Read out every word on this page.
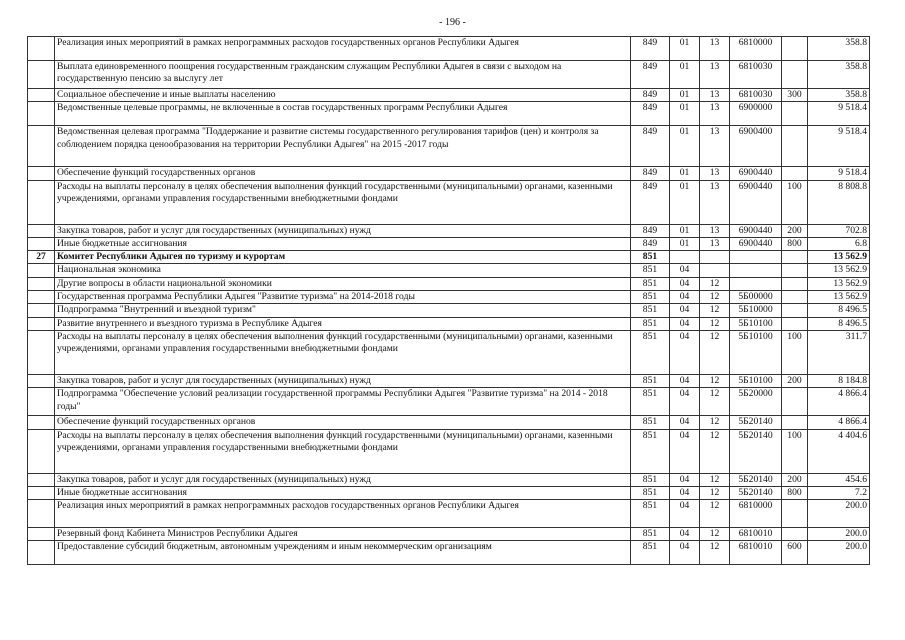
- 196 -
	Реализация иных мероприятий в рамках непрограммных расходов государственных органов Республики Адыгея	849	01	13	6810000		358.8
	Выплата единовременного поощрения государственным гражданским служащим Республики Адыгея в связи с выходом на государственную пенсию за выслугу лет	849	01	13	6810030		358.8
	Социальное обеспечение и иные выплаты населению	849	01	13	6810030	300	358.8
	Ведомственные целевые программы, не включенные в состав государственных программ Республики Адыгея	849	01	13	6900000		9 518.4
	Ведомственная целевая программа "Поддержание и развитие системы государственного регулирования тарифов (цен) и контроля за соблюдением порядка ценообразования на территории Республики Адыгея" на 2015 -2017 годы	849	01	13	6900400		9 518.4
	Обеспечение функций государственных органов	849	01	13	6900440		9 518.4
	Расходы на выплаты персоналу в целях обеспечения выполнения функций государственными (муниципальными) органами, казенными учреждениями, органами управления государственными внебюджетными фондами	849	01	13	6900440	100	8 808.8
	Закупка товаров, работ и услуг для государственных (муниципальных) нужд	849	01	13	6900440	200	702.8
	Иные бюджетные ассигнования	849	01	13	6900440	800	6.8
27	Комитет Республики Адыгея по туризму и курортам	851					13 562.9
	Национальная экономика	851	04				13 562.9
	Другие вопросы в области национальной экономики	851	04	12			13 562.9
	Государственная программа Республики Адыгея "Развитие туризма" на 2014-2018 годы	851	04	12	5Б00000		13 562.9
	Подпрограмма "Внутренний и въездной туризм"	851	04	12	5Б10000		8 496.5
	Развитие внутреннего и въездного туризма в Республике Адыгея	851	04	12	5Б10100		8 496.5
	Расходы на выплаты персоналу в целях обеспечения выполнения функций государственными (муниципальными) органами, казенными учреждениями, органами управления государственными внебюджетными фондами	851	04	12	5Б10100	100	311.7
	Закупка товаров, работ и услуг для государственных (муниципальных) нужд	851	04	12	5Б10100	200	8 184.8
	Подпрограмма "Обеспечение условий реализации государственной программы Республики Адыгея "Развитие туризма" на 2014 - 2018 годы"	851	04	12	5Б20000		4 866.4
	Обеспечение функций государственных органов	851	04	12	5Б20140		4 866.4
	Расходы на выплаты персоналу в целях обеспечения выполнения функций государственными (муниципальными) органами, казенными учреждениями, органами управления государственными внебюджетными фондами	851	04	12	5Б20140	100	4 404.6
	Закупка товаров, работ и услуг для государственных (муниципальных) нужд	851	04	12	5Б20140	200	454.6
	Иные бюджетные ассигнования	851	04	12	5Б20140	800	7.2
	Реализация иных мероприятий в рамках непрограммных расходов государственных органов Республики Адыгея	851	04	12	6810000		200.0
	Резервный фонд Кабинета Министров Республики Адыгея	851	04	12	6810010		200.0
	Предоставление субсидий бюджетным, автономным учреждениям и иным некоммерческим организациям	851	04	12	6810010	600	200.0
